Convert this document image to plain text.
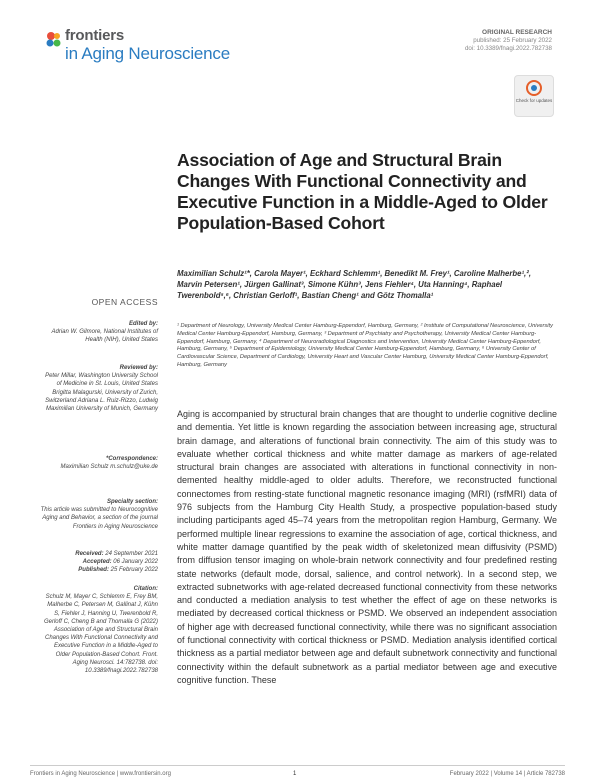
frontiers
in Aging Neuroscience
ORIGINAL RESEARCH
published: 25 February 2022
doi: 10.3389/fnagi.2022.782738
Check for updates
Association of Age and Structural Brain Changes With Functional Connectivity and Executive Function in a Middle-Aged to Older Population-Based Cohort
Maximilian Schulz¹*, Carola Mayer¹, Eckhard Schlemm¹, Benedikt M. Frey¹, Caroline Malherbe¹,², Marvin Petersen¹, Jürgen Gallinat³, Simone Kühn³, Jens Fiehler⁴, Uta Hanning⁴, Raphael Twerenbold⁵,⁶, Christian Gerloff¹, Bastian Cheng¹ and Götz Thomalla¹
¹ Department of Neurology, University Medical Center Hamburg-Eppendorf, Hamburg, Germany, ² Institute of Computational Neuroscience, University Medical Center Hamburg-Eppendorf, Hamburg, Germany, ³ Department of Psychiatry and Psychotherapy, University Medical Center Hamburg-Eppendorf, Hamburg, Germany, ⁴ Department of Neuroradiological Diagnostics and Intervention, University Medical Center Hamburg-Eppendorf, Hamburg, Germany, ⁵ Department of Epidemiology, University Medical Center Hamburg-Eppendorf, Hamburg, Germany, ⁶ University Center of Cardiovascular Science, Department of Cardiology, University Heart and Vascular Center Hamburg, University Medical Center Hamburg-Eppendorf, Hamburg, Germany
Aging is accompanied by structural brain changes that are thought to underlie cognitive decline and dementia. Yet little is known regarding the association between increasing age, structural brain damage, and alterations of functional brain connectivity. The aim of this study was to evaluate whether cortical thickness and white matter damage as markers of age-related structural brain changes are associated with alterations in functional connectivity in non-demented healthy middle-aged to older adults. Therefore, we reconstructed functional connectomes from resting-state functional magnetic resonance imaging (MRI) (rsfMRI) data of 976 subjects from the Hamburg City Health Study, a prospective population-based study including participants aged 45–74 years from the metropolitan region Hamburg, Germany. We performed multiple linear regressions to examine the association of age, cortical thickness, and white matter damage quantified by the peak width of skeletonized mean diffusivity (PSMD) from diffusion tensor imaging on whole-brain network connectivity and four predefined resting state networks (default mode, dorsal, salience, and control network). In a second step, we extracted subnetworks with age-related decreased functional connectivity from these networks and conducted a mediation analysis to test whether the effect of age on these networks is mediated by decreased cortical thickness or PSMD. We observed an independent association of higher age with decreased functional connectivity, while there was no significant association of functional connectivity with cortical thickness or PSMD. Mediation analysis identified cortical thickness as a partial mediator between age and default subnetwork connectivity and functional connectivity within the default subnetwork as a partial mediator between age and executive cognitive function. These
OPEN ACCESS
Edited by:
Adrian W. Gilmore, National Institutes of Health (NIH), United States
Reviewed by:
Peter Millar, Washington University School of Medicine in St. Louis, United States Brigitta Malagurski, University of Zurich, Switzerland Adriana L. Ruiz-Rizzo, Ludwig Maximilian University of Munich, Germany
*Correspondence:
Maximilian Schulz m.schulz@uke.de
Specialty section:
This article was submitted to Neurocognitive Aging and Behavior, a section of the journal Frontiers in Aging Neuroscience
Received: 24 September 2021
Accepted: 06 January 2022
Published: 25 February 2022
Citation:
Schulz M, Mayer C, Schlemm E, Frey BM, Malherbe C, Petersen M, Gallinat J, Kühn S, Fiehler J, Hanning U, Twerenbold R, Gerloff C, Cheng B and Thomalla G (2022) Association of Age and Structural Brain Changes With Functional Connectivity and Executive Function in a Middle-Aged to Older Population-Based Cohort. Front. Aging Neurosci. 14:782738. doi: 10.3389/fnagi.2022.782738
Frontiers in Aging Neuroscience | www.frontiersin.org	1	February 2022 | Volume 14 | Article 782738
